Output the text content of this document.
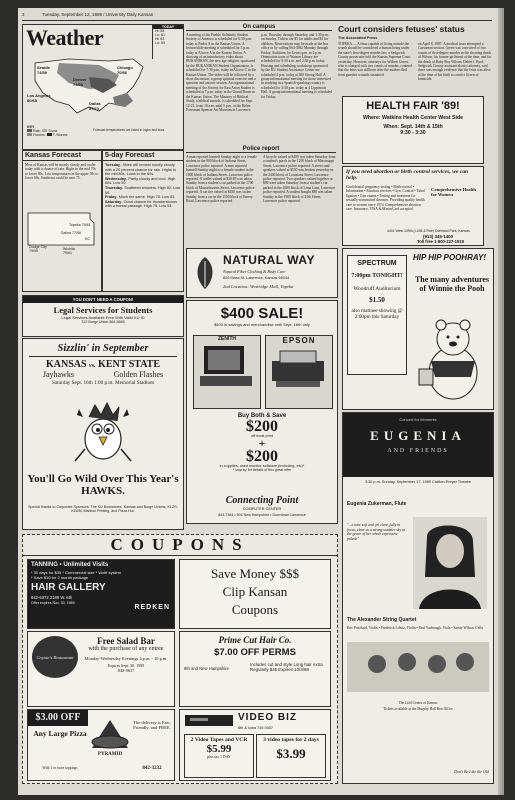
2	Tuesday, September 12, 1989 / University Daily Kansan
Weather	TODAY
Hi: 84
Lo: 61
Hi: 83
Lo: 59
Seattle
74/59
Los Angeles
80/65
Denver
74/50
Dallas
87/73
Chicago
70/56
KEY
Rain Snow
Flurries T-Storms
Forecast temperatures are listed in highs and lows.
Kansas Forecast
Most of Kansas will be mostly cloudy and cooler today with a chance of rain. Highs in the mid 70s to lower 80s. Low temperatures in the upper 50s to lower 60s. Southeast could be near 75.
Salina 77/56
Topeka 79/61
Dodge City
79/59	Wichita
79/61
KC
5-day Forecast
Tuesday- Skies will remain mostly cloudy with a 20 percent chance for rain. Highs in the mid 80s. Lows in the 60s.
Wednesday- Partly cloudy and cool. High 80s. Low 59.
Thursday- Scattered showers. High 82. Low 59.
Friday- Much the same. High 78. Low 53.
Saturday- Good chance for thunderstorms with a frontal passage. High 75. Low 54.
On campus
A meeting of the Pueblo Solidarity Student Society of America is scheduled for 6:30 p.m. today at Parlor A in the Kansas Union. A lecture/slide meeting is scheduled for 3 p.m. today at Alcove A in the Kansas Union. A showing of an introductory video about BUKANIKAN, the new age religion, sponsored by the BUKANIKAN Student Organization, is scheduled for 7:30 p.m. today in Alcove C in the Kansas Union. The video will be followed by a short discussion, a group spiritual exercise and a question and answer session. An organizational meeting of the Society for East Asian Studies is scheduled at 7 p.m. today in the Grand Room in the Kansas Union. The Ministry of Biblical Study, a biblical awards, is scheduled for Sept. 12-21, from 10 a.m. until 5 p.m. at the Helen Foresman Spencer Art Museum in Lawrence.
p.m. Thursday through Saturday, and 1:30 p.m. on Sunday. Tickets are $5 for adults and $3 for children. Reservations may be made at the box office or by calling 864-3982 Monday through Friday. Auditions for Lewis p.m. to 4 p.m. Orientation tours of Watson Library are scheduled for 9:30 a.m. and 2:30 p.m. today. Housing and scheduling workshops sponsored by the KU Student Assistance Center are scheduled 4 p.m. today at 300 Strong Hall. A group informational meeting for those interested in studying in a Spanish-speaking country is scheduled for 3:30 p.m. today at 4 Lippincott Hall. A group informational meeting is scheduled for Friday.
Court considers fetuses' status
The Associated Press
TOPEKA — A fetus capable of living outside the womb should be considered a human being under the state's first-degree murder law, a Sedgwick County prosecutor told the Kansas Supreme Court yesterday. However, attorneys for Wilbert Green, who is charged with two counts of murder, contend that the fetus was stillborn after the mother died from gunshot wounds sustained
on April 8, 1987. A medical issue attempted a Caesarean section. Green was convicted of two counts of first-degree murder in the shooting death of Wilson, his former girlfriend at the time, and for the death of Baby Boy Wilson. Debra J. Byrd, Sedgwick County assistant district attorney, said there was enough evidence that the fetus was alive at the time of his birth to convict Green of homicide.
HEALTH FAIR '89!
Where: Watkins Health Center West Side
When: Sept. 14th & 15th
9:30 - 3:30
Police report
A man reported himself Sunday night to a female student in the 900 block of Indiana Street, Lawrence police reported. A man reported himself Sunday night to a female student in the 1900 block of Indiana Street, Lawrence police reported. A wallet valued at $30.69 was taken Sunday from a student's car parked at the 1700 block of Massachusetts Street, Lawrence police reported. A car tire valued at $450 was stolen Sunday from a car in the 1500 block of Emery Road, Lawrence police reported.
A bicycle valued at $400 was taken Saturday from a student's porch in the 1200 block of Mississippi Street, Lawrence police reported. A stereo and speakers valued at $550 was broken yesterday in the 2400 block of Louisiana Street, Lawrence police reported. Two speakers valued together at $90 were taken Saturday from a student's car parked in the 2600 block of Lima Lane, Lawrence police reported. A student bought $80 was taken Sunday in the 1900 block of 25th Street, Lawrence police reported.
If you need abortion or birth control services, we can help.
Confidential pregnancy testing • Birth control • Information • Abortion services • Gyn. Control • Tubal ligation • Gyn exams • Testing and treatment for sexually-transmitted diseases. Providing quality health care to women since 1974. Comprehensive abortion care. Insurance, VISA & MasterCard accepted.
Comprehensive Health for Women
4401 West 109th (I-435 & Roe) Overland Park, Kansas
(913) 345-1400
Toll free 1-800-227-1918
YOU DON'T NEED A COUPON!
Legal Services for Students
Legal Services Available Free With Valid KU ID
312 Burge Union 864-5665
NATURAL WAY
Natural Fiber Clothing & Body Care
820 Mass St. Lawrence, Kansas 66044
2nd Location: Westridge Mall, Topeka
Sizzlin' in September
KANSAS vs. KENT STATE
Jayhawks	Golden Flashes
Saturday Sept. 16th 1:00 p.m. Memorial Stadium
You'll Go Wild Over This Year's HAWKS.
Special thanks to Corporate Sponsors: The KU Bookstores, Kansas and Burge Unions, KLZR-KLWN, Mabilon Printing, and Pizza Hut.
$400 SALE!
$400 in savings and merchandise until Sept. 16th only
ZENITH	EPSON
Buy Both & Save
$200
off most print
+
$200
in supplies, used monitor software (including, etc)*
* stop by for details of this great offer
Connecting Point
COMPUTER CENTER
843-7384 • 904 New Hampshire • Downtown Lawrence
HIP HIP POOHRAY!
The many adventures of Winnie the Pooh
SPECTRUM
7:00pm TONIGHT!
Woodruff Auditorium
$1.50
also matinee showing @ 2:00pm this Saturday
Concert for Moments
EUGENIA
AND FRIENDS
3:30 p.m. Sunday, September 17, 1989 Crafton-Preyer Theatre
Eugenia Zukerman, Flute
"...a tone soft and yet clear, fully in focus, clear as a strong summer sky at the grace of her whole expressive palette"
The Alexander String Quartet
Eric Pritchard, Violin • Frederick Lifsitz, Violin • Paul Yarbrough, Viola • Sandy Wilson, Cello
The Lied Center of Kansas
Tickets available at the Murphy Hall Box Office
Don't Be Like the Old
COUPONS
TANNING • Unlimited Visits
* 30 days for $35 * Commercial size * Wolff system
* Save $10 for 2 month package
HAIR GALLERY
842-6372 2189 W. 6th
REDKEN
Offer expires Nov. 30, 1989
Save Money $$$
Clip Kansan
Coupons
Coyote's Restaurant
Free Salad Bar
with the purchase of any entree
Monday-Wednesday Evenings 4 p.m. - 10 p.m.
Expires Sept. 30, 1989
842-9637
Prime Cut Hair Co.
$7.00 OFF PERMS
9th and New Hampshire
Includes cut and style Long hair extra Regularly $45 Expires 10/3/89
$3.00 OFF
Any Large Pizza
With 1 or more toppings
PYRAMID
The delivery is Fast, Friendly, and FREE.
842-3232
VIDEO BIZ
8th & Iowa 749-0007
2 Video Tapes and VCR
$5.99
plus tax 1 DAY
3 video tapes for 2 days
$3.99
